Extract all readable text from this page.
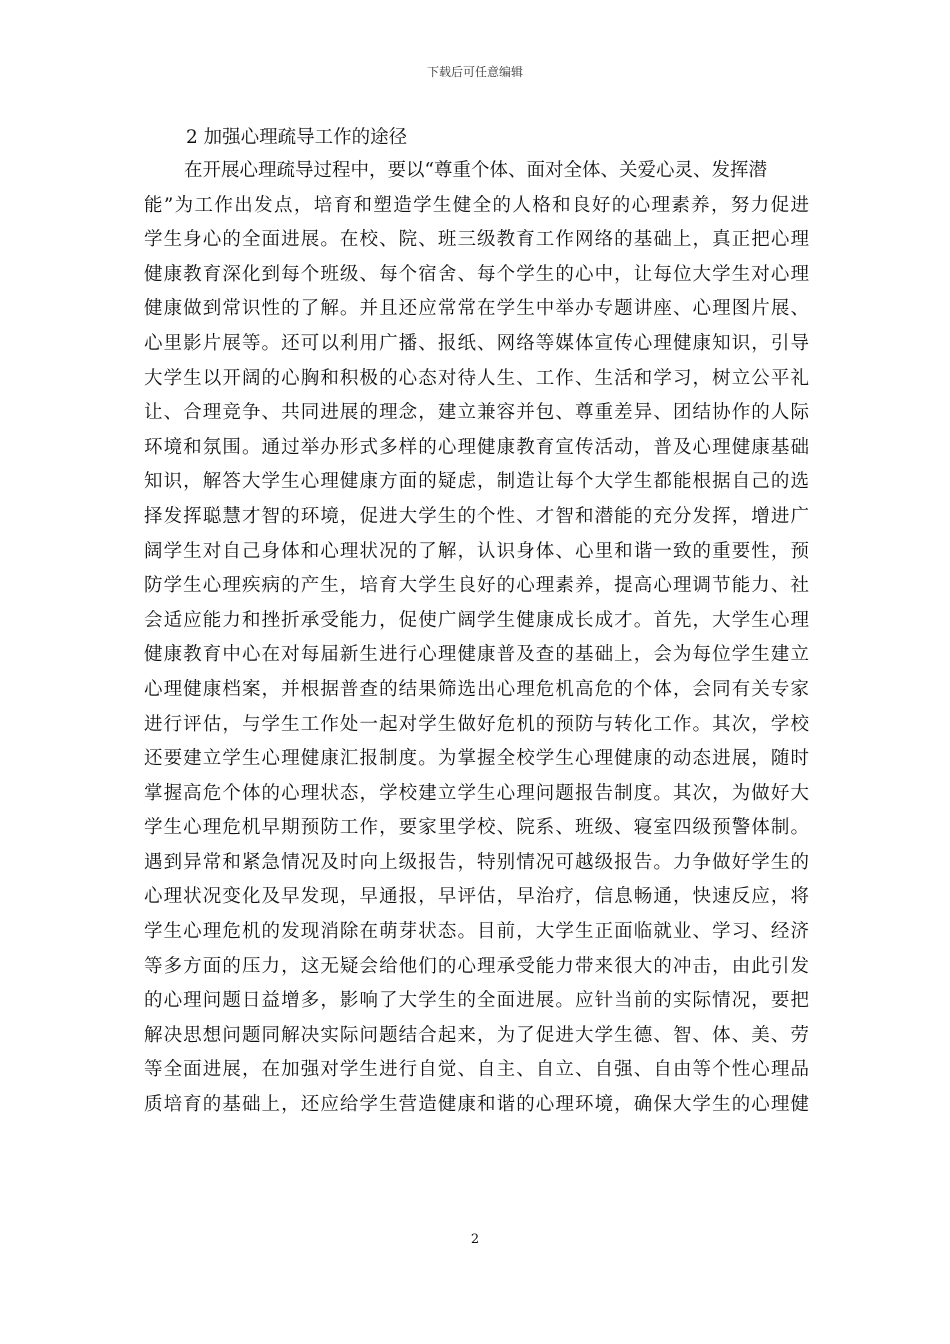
下载后可任意编辑
2 加强心理疏导工作的途径
在开展心理疏导过程中，要以“尊重个体、面对全体、关爱心灵、发挥潜
能”为工作出发点，培育和塑造学生健全的人格和良好的心理素养，努力促进
学生身心的全面进展。在校、院、班三级教育工作网络的基础上，真正把心理
健康教育深化到每个班级、每个宿舍、每个学生的心中，让每位大学生对心理
健康做到常识性的了解。并且还应常常在学生中举办专题讲座、心理图片展、
心里影片展等。还可以利用广播、报纸、网络等媒体宣传心理健康知识，引导
大学生以开阔的心胸和积极的心态对待人生、工作、生活和学习，树立公平礼
让、合理竞争、共同进展的理念，建立兼容并包、尊重差异、团结协作的人际
环境和氛围。通过举办形式多样的心理健康教育宣传活动，普及心理健康基础
知识，解答大学生心理健康方面的疑虑，制造让每个大学生都能根据自己的选
择发挥聪慧才智的环境，促进大学生的个性、才智和潜能的充分发挥，增进广
阔学生对自己身体和心理状况的了解，认识身体、心里和谐一致的重要性，预
防学生心理疾病的产生，培育大学生良好的心理素养，提高心理调节能力、社
会适应能力和挫折承受能力，促使广阔学生健康成长成才。首先，大学生心理
健康教育中心在对每届新生进行心理健康普及查的基础上，会为每位学生建立
心理健康档案，并根据普查的结果筛选出心理危机高危的个体，会同有关专家
进行评估，与学生工作处一起对学生做好危机的预防与转化工作。其次，学校
还要建立学生心理健康汇报制度。为掌握全校学生心理健康的动态进展，随时
掌握高危个体的心理状态，学校建立学生心理问题报告制度。其次，为做好大
学生心理危机早期预防工作，要家里学校、院系、班级、寝室四级预警体制。
遇到异常和紧急情况及时向上级报告，特别情况可越级报告。力争做好学生的
心理状况变化及早发现，早通报，早评估，早治疗，信息畅通，快速反应，将
学生心理危机的发现消除在萌芽状态。目前，大学生正面临就业、学习、经济
等多方面的压力，这无疑会给他们的心理承受能力带来很大的冲击，由此引发
的心理问题日益增多，影响了大学生的全面进展。应针当前的实际情况，要把
解决思想问题同解决实际问题结合起来，为了促进大学生德、智、体、美、劳
等全面进展，在加强对学生进行自觉、自主、自立、自强、自由等个性心理品
质培育的基础上，还应给学生营造健康和谐的心理环境，确保大学生的心理健
2
